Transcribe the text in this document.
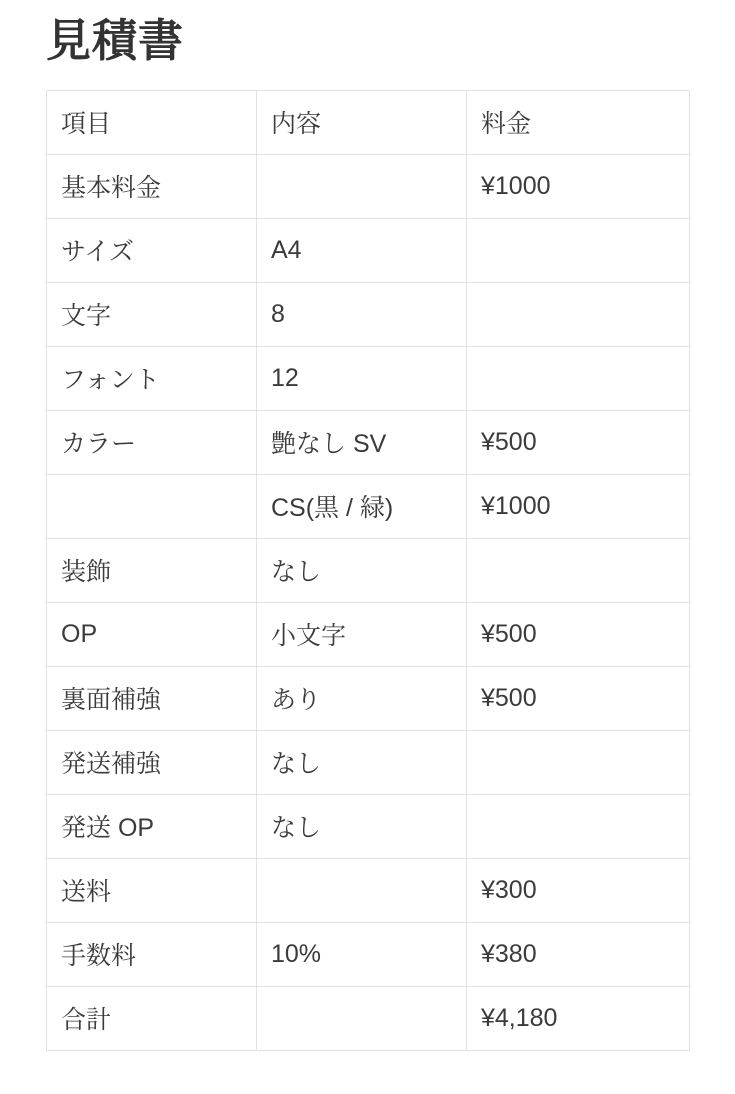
見積書
項目	内容	料金
基本料金		¥1000
サイズ	A4	
文字	8	
フォント	12	
カラー	艶なし SV	¥500
	CS(黒 / 緑)	¥1000
装飾	なし	
OP	小文字	¥500
裏面補強	あり	¥500
発送補強	なし	
発送 OP	なし	
送料		¥300
手数料	10%	¥380
合計		¥4,180
